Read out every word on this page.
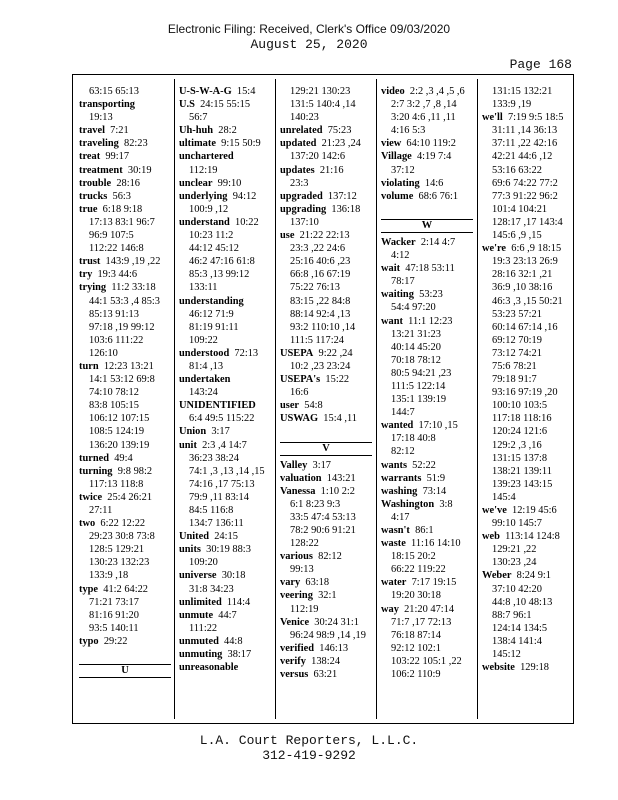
Electronic Filing: Received, Clerk's Office 09/03/2020
August 25, 2020
Page 168
63:15 65:13
transporting
19:13
travel  7:21
traveling  82:23
treat  99:17
treatment  30:19
trouble  28:16
trucks  56:3
true  6:18 9:18
17:13 83:1 96:7
96:9 107:5
112:22 146:8
trust  143:9 ,19 ,22
try  19:3 44:6
trying  11:2 33:18
44:1 53:3 ,4 85:3
85:13 91:13
97:18 ,19 99:12
103:6 111:22
126:10
turn  12:23 13:21
14:1 53:12 69:8
74:10 78:12
83:8 105:15
106:12 107:15
108:5 124:19
136:20 139:19
turned  49:4
turning  9:8 98:2
117:13 118:8
twice  25:4 26:21
27:11
two  6:22 12:22
29:23 30:8 73:8
128:5 129:21
130:23 132:23
133:9 ,18
type  41:2 64:22
71:21 73:17
81:16 91:20
93:5 140:11
typo  29:22
U
U-S-W-A-G  15:4
U.S  24:15 55:15
56:7
Uh-huh  28:2
ultimate  9:15 50:9
unchartered
112:19
unclear  99:10
underlying  94:12
100:9 ,12
understand  10:22
10:23 11:2
44:12 45:12
46:2 47:16 61:8
85:3 ,13 99:12
133:11
understanding
46:12 71:9
81:19 91:11
109:22
understood  72:13
81:4 ,13
undertaken
143:24
UNIDENTIFIED
6:4 49:5 115:22
Union  3:17
unit  2:3 ,4 14:7
36:23 38:24
74:1 ,3 ,13 ,14 ,15
74:16 ,17 75:13
79:9 ,11 83:14
84:5 116:8
134:7 136:11
United  24:15
units  30:19 88:3
109:20
universe  30:18
31:8 34:23
unlimited  114:4
unmute  44:7
111:22
unmuted  44:8
unmuting  38:17
unreasonable
129:21 130:23
131:5 140:4 ,14
140:23
unrelated  75:23
updated  21:23 ,24
137:20 142:6
updates  21:16
23:3
upgraded  137:12
upgrading  136:18
137:10
use  21:22 22:13
23:3 ,22 24:6
25:16 40:6 ,23
66:8 ,16 67:19
75:22 76:13
83:15 ,22 84:8
88:14 92:4 ,13
93:2 110:10 ,14
111:5 117:24
USEPA  9:22 ,24
10:2 ,23 23:24
USEPA's  15:22
16:6
user  54:8
USWAG  15:4 ,11
V
Valley  3:17
valuation  143:21
Vanessa  1:10 2:2
6:1 8:23 9:3
33:5 47:4 53:13
78:2 90:6 91:21
128:22
various  82:12
99:13
vary  63:18
veering  32:1
112:19
Venice  30:24 31:1
96:24 98:9 ,14 ,19
verified  146:13
verify  138:24
versus  63:21
video  2:2 ,3 ,4 ,5 ,6
2:7 3:2 ,7 ,8 ,14
3:20 4:6 ,11 ,11
4:16 5:3
view  64:10 119:2
Village  4:19 7:4
37:12
violating  14:6
volume  68:6 76:1
W
Wacker  2:14 4:7
4:12
wait  47:18 53:11
78:17
waiting  53:23
54:4 97:20
want  11:1 12:23
13:21 31:23
40:14 45:20
70:18 78:12
80:5 94:21 ,23
111:5 122:14
135:1 139:19
144:7
wanted  17:10 ,15
17:18 40:8
82:12
wants  52:22
warrants  51:9
washing  73:14
Washington  3:8
4:17
wasn't  86:1
waste  11:16 14:10
18:15 20:2
66:22 119:22
water  7:17 19:15
19:20 30:18
way  21:20 47:14
71:7 ,17 72:13
76:18 87:14
92:12 102:1
103:22 105:1 ,22
106:2 110:9
131:15 132:21
133:9 ,19
we'll  7:19 9:5 18:5
31:11 ,14 36:13
37:11 ,22 42:16
42:21 44:6 ,12
53:16 63:22
69:6 74:22 77:2
77:3 91:22 96:2
101:4 104:21
128:17 ,17 143:4
145:6 ,9 ,15
we're  6:6 ,9 18:15
19:3 23:13 26:9
28:16 32:1 ,21
36:9 ,10 38:16
46:3 ,3 ,15 50:21
53:23 57:21
60:14 67:14 ,16
69:12 70:19
73:12 74:21
75:6 78:21
79:18 91:7
93:16 97:19 ,20
100:10 103:5
117:18 118:16
120:24 121:6
129:2 ,3 ,16
131:15 137:8
138:21 139:11
139:23 143:15
145:4
we've  12:19 45:6
99:10 145:7
web  113:14 124:8
129:21 ,22
130:23 ,24
Weber  8:24 9:1
37:10 42:20
44:8 ,10 48:13
88:7 96:1
124:14 134:5
138:4 141:4
145:12
website  129:18
L.A. Court Reporters, L.L.C.
312-419-9292
